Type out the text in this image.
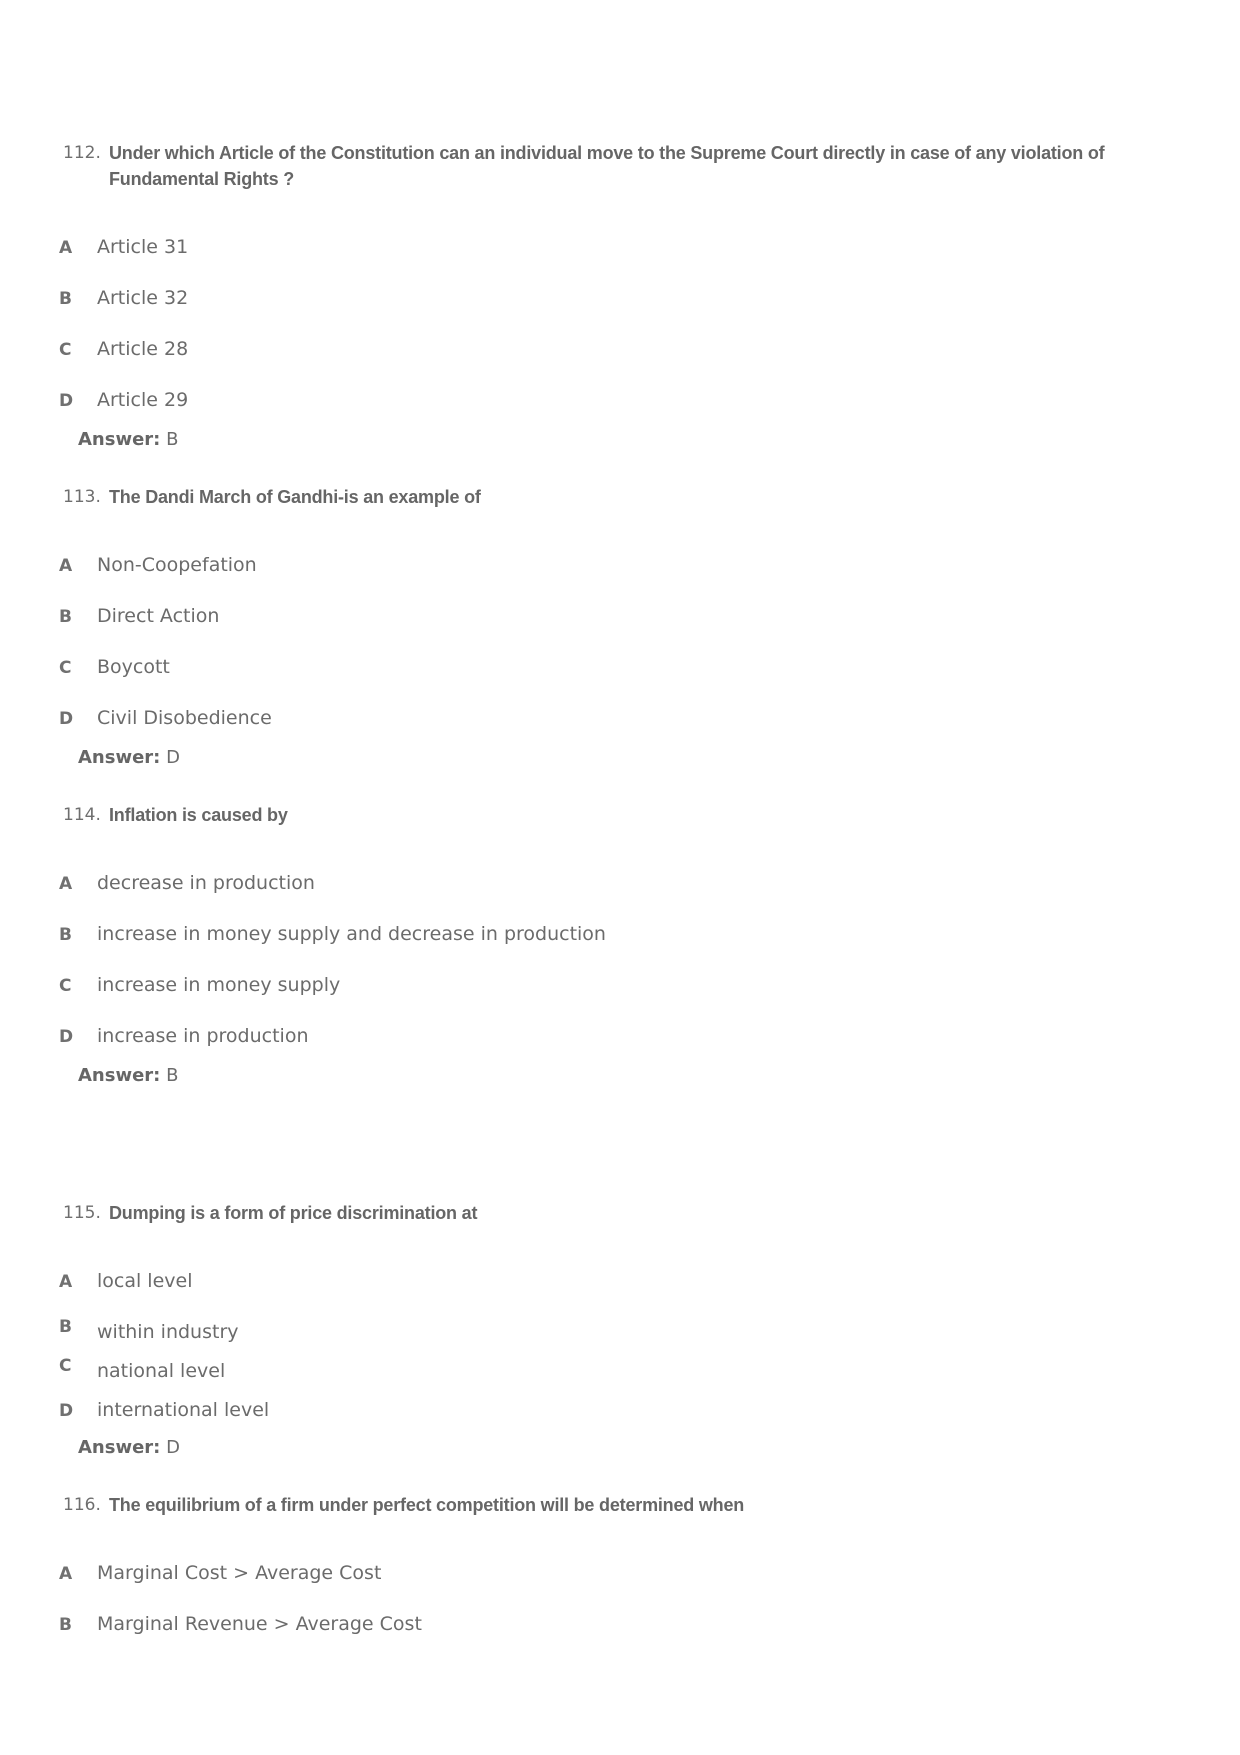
112. Under which Article of the Constitution can an individual move to the Supreme Court directly in case of any violation of Fundamental Rights ?
A Article 31
B Article 32
C Article 28
D Article 29
Answer: B
113. The Dandi March of Gandhi-is an example of
A Non-Coopefation
B Direct Action
C Boycott
D Civil Disobedience
Answer: D
114. Inflation is caused by
A decrease in production
B increase in money supply and decrease in production
C increase in money supply
D increase in production
Answer: B
115. Dumping is a form of price discrimination at
A local level
B within industry
C national level
D international level
Answer: D
116. The equilibrium of a firm under perfect competition will be determined when
A Marginal Cost > Average Cost
B Marginal Revenue > Average Cost
